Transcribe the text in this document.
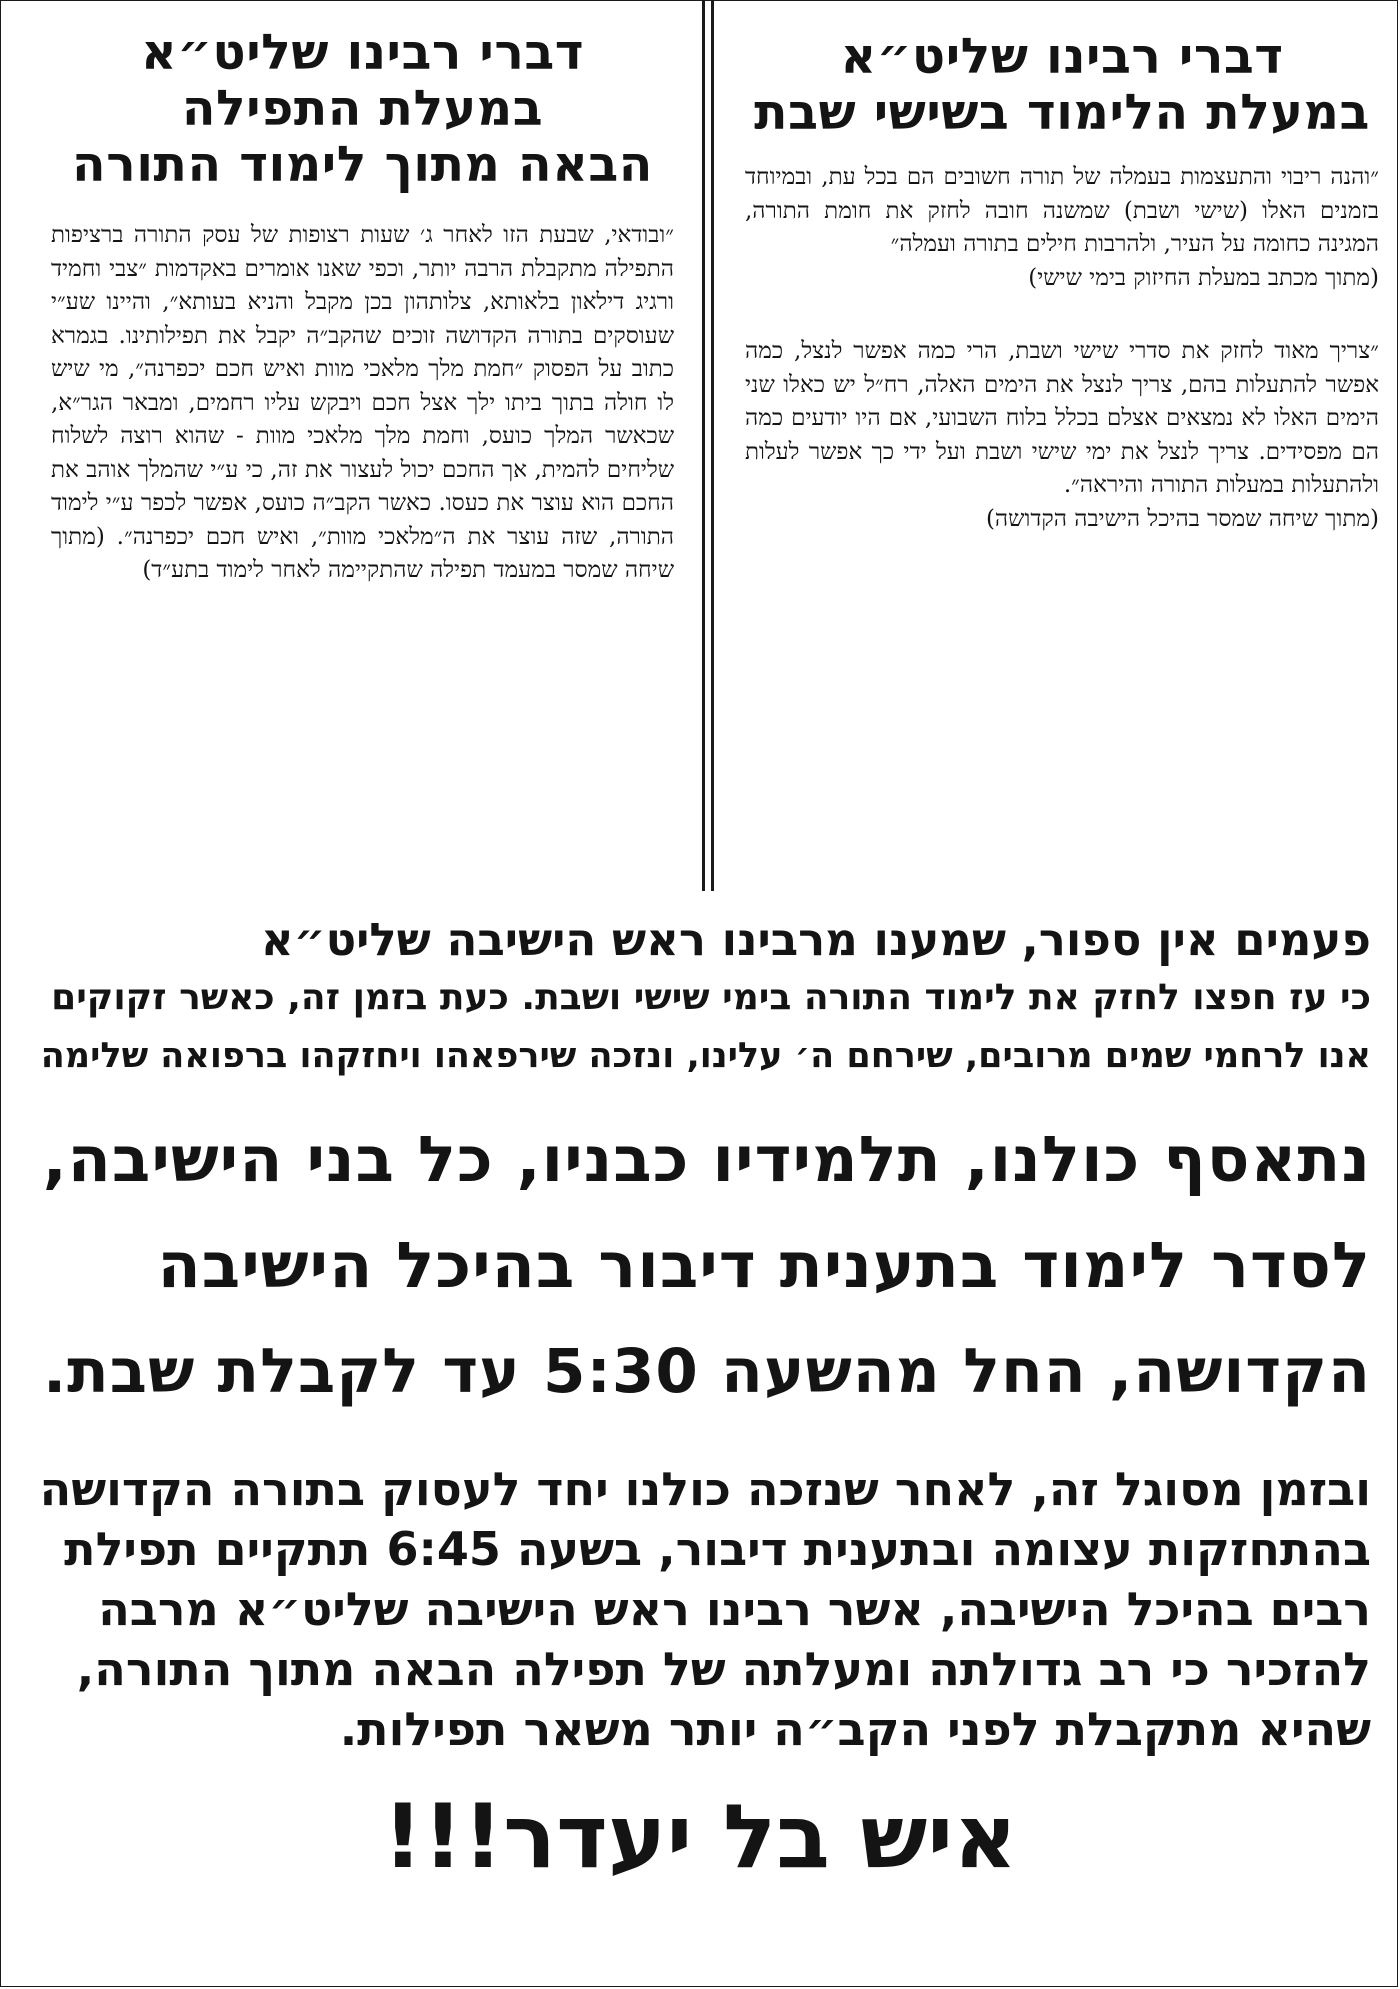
דברי רבינו שליט״א
במעלת הלימוד בשישי שבת

״והנה ריבוי והתעצמות בעמלה של תורה חשובים הם בכל עת, ובמיוחד בזמנים האלו (שישי ושבת) שמשנה חובה לחזק את חומת התורה, המגינה כחומה על העיר, ולהרבות חילים בתורה ועמלה״

(מתוך מכתב במעלת החיזוק בימי שישי)

״צריך מאוד לחזק את סדרי שישי ושבת, הרי כמה אפשר לנצל, כמה אפשר להתעלות בהם, צריך לנצל את הימים האלה, רח״ל יש כאלו שני הימים האלו לא נמצאים אצלם בכלל בלוח השבועי, אם היו יודעים כמה הם מפסידים. צריך לנצל את ימי שישי ושבת ועל ידי כך אפשר לעלות ולהתעלות במעלות התורה והיראה״.

(מתוך שיחה שמסר בהיכל הישיבה הקדושה)
דברי רבינו שליט״א
במעלת התפילה
הבאה מתוך לימוד התורה

״ובודאי, שבעת הזו לאחר ג׳ שעות רצופות של עסק התורה ברציפות התפילה מתקבלת הרבה יותר, וכפי שאנו אומרים באקדמות ״צבי וחמיד ורגיג דילאון בלאותא, צלותהון בכן מקבל והניא בעותא״, והיינו שע״י שעוסקים בתורה הקדושה זוכים שהקב״ה יקבל את תפילותינו. בגמרא כתוב על הפסוק ״חמת מלך מלאכי מוות ואיש חכם יכפרנה״, מי שיש לו חולה בתוך ביתו ילך אצל חכם ויבקש עליו רחמים, ומבאר הגר״א, שכאשר המלך כועס, וחמת מלך מלאכי מוות - שהוא רוצה לשלוח שליחים להמית, אך החכם יכול לעצור את זה, כי ע״י שהמלך אוהב את החכם הוא עוצר את כעסו. כאשר הקב״ה כועס, אפשר לכפר ע״י לימוד התורה, שזה עוצר את ה״מלאכי מוות״, ואיש חכם יכפרנה״. (מתוך שיחה שמסר במעמד תפילה שהתקיימה לאחר לימוד בתע״ד)

פעמים אין ספור, שמענו מרבינו ראש הישיבה שליט״א
כי עז חפצו לחזק את לימוד התורה בימי שישי ושבת. כעת בזמן זה, כאשר זקוקים
אנו לרחמי שמים מרובים, שירחם ה׳ עלינו, ונזכה שירפאהו ויחזקהו ברפואה שלימה
נתאסף כולנו, תלמידיו כבניו, כל בני הישיבה,
לסדר לימוד בתענית דיבור בהיכל הישיבה
הקדושה, החל מהשעה 5:30 עד לקבלת שבת.
ובזמן מסוגל זה, לאחר שנזכה כולנו יחד לעסוק בתורה הקדושה
בהתחזקות עצומה ובתענית דיבור, בשעה 6:45 תתקיים תפילת
רבים בהיכל הישיבה, אשר רבינו ראש הישיבה שליט״א מרבה
להזכיר כי רב גדולתה ומעלתה של תפילה הבאה מתוך התורה,
שהיא מתקבלת לפני הקב״ה יותר משאר תפילות.
איש בל יעדר!!!
